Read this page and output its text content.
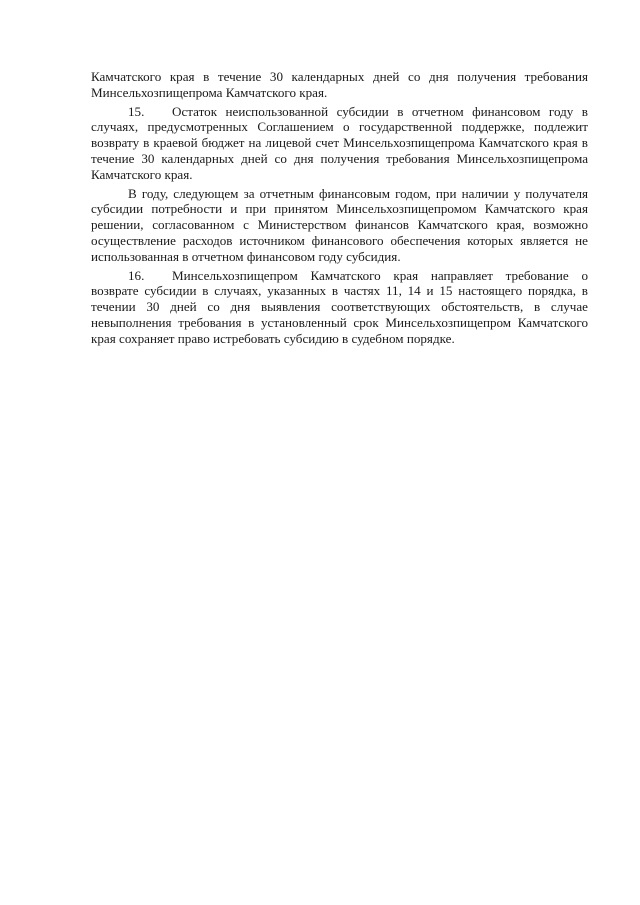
Камчатского края в течение 30 календарных дней со дня получения требования Минсельхозпищепрома Камчатского края.

15. Остаток неиспользованной субсидии в отчетном финансовом году в случаях, предусмотренных Соглашением о государственной поддержке, подлежит возврату в краевой бюджет на лицевой счет Минсельхозпищепрома Камчатского края в течение 30 календарных дней со дня получения требования Минсельхозпищепрома Камчатского края.

В году, следующем за отчетным финансовым годом, при наличии у получателя субсидии потребности и при принятом Минсельхозпищепромом Камчатского края решении, согласованном с Министерством финансов Камчатского края, возможно осуществление расходов источником финансового обеспечения которых является не использованная в отчетном финансовом году субсидия.

16. Минсельхозпищепром Камчатского края направляет требование о возврате субсидии в случаях, указанных в частях 11, 14 и 15 настоящего порядка, в течении 30 дней со дня выявления соответствующих обстоятельств, в случае невыполнения требования в установленный срок Минсельхозпищепром Камчатского края сохраняет право истребовать субсидию в судебном порядке.
